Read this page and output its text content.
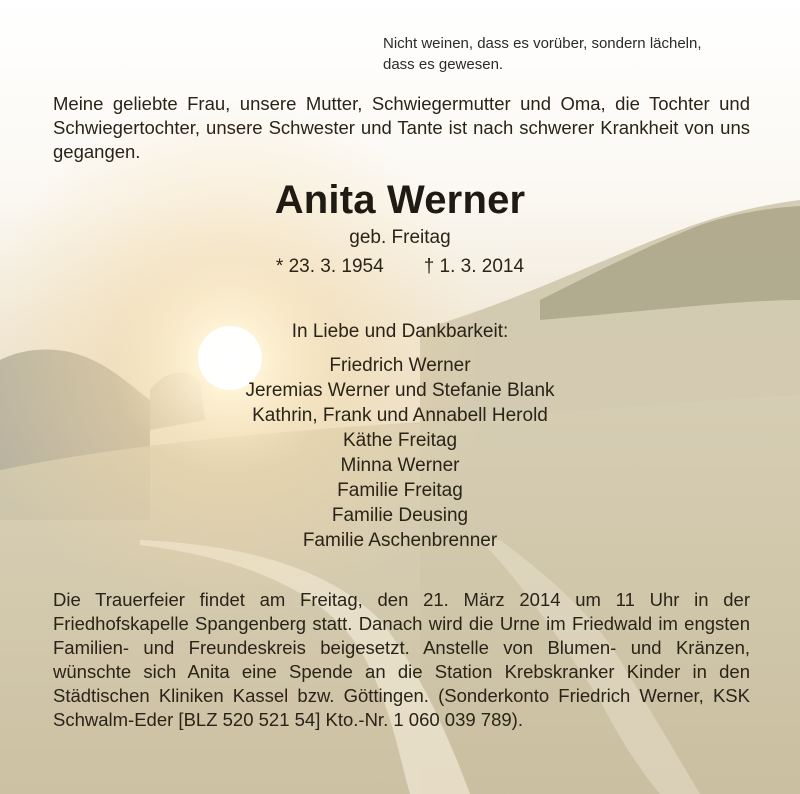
Nicht weinen, dass es vorüber, sondern lächeln,
dass es gewesen.
Meine geliebte Frau, unsere Mutter, Schwiegermutter und Oma, die Tochter und Schwiegertochter, unsere Schwester und Tante ist nach schwerer Krankheit von uns gegangen.
Anita Werner
geb. Freitag
* 23. 3. 1954 † 1. 3. 2014
In Liebe und Dankbarkeit:
Friedrich Werner
Jeremias Werner und Stefanie Blank
Kathrin, Frank und Annabell Herold
Käthe Freitag
Minna Werner
Familie Freitag
Familie Deusing
Familie Aschenbrenner
Die Trauerfeier findet am Freitag, den 21. März 2014 um 11 Uhr in der Friedhofskapelle Spangenberg statt. Danach wird die Urne im Friedwald im engsten Familien- und Freundeskreis beigesetzt. Anstelle von Blumen- und Kränzen, wünschte sich Anita eine Spende an die Station Krebskranker Kinder in den Städtischen Kliniken Kassel bzw. Göttingen. (Sonderkonto Friedrich Werner, KSK Schwalm-Eder [BLZ 520 521 54] Kto.-Nr. 1 060 039 789).
